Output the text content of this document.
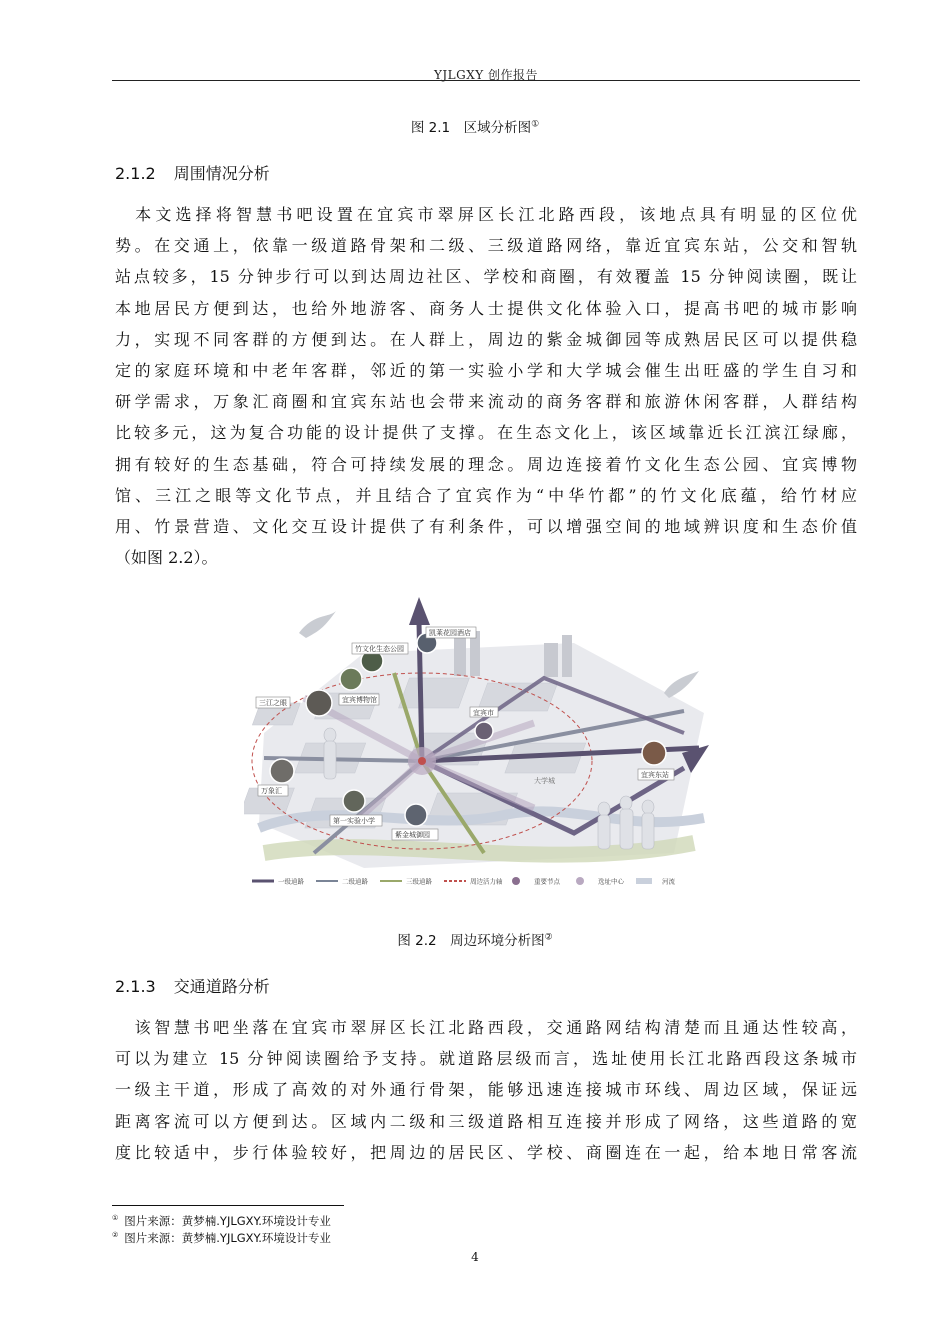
YJLGXY 创作报告
图 2.1　区域分析图①
2.1.2 周围情况分析
　本文选择将智慧书吧设置在宜宾市翠屏区长江北路西段，该地点具有明显的区位优
势。在交通上，依靠一级道路骨架和二级、三级道路网络，靠近宜宾东站，公交和智轨
站点较多，15 分钟步行可以到达周边社区、学校和商圈，有效覆盖 15 分钟阅读圈，既让
本地居民方便到达，也给外地游客、商务人士提供文化体验入口，提高书吧的城市影响
力，实现不同客群的方便到达。在人群上，周边的紫金城御园等成熟居民区可以提供稳
定的家庭环境和中老年客群，邻近的第一实验小学和大学城会催生出旺盛的学生自习和
研学需求，万象汇商圈和宜宾东站也会带来流动的商务客群和旅游休闲客群，人群结构
比较多元，这为复合功能的设计提供了支撑。在生态文化上，该区域靠近长江滨江绿廊，
拥有较好的生态基础，符合可持续发展的理念。周边连接着竹文化生态公园、宜宾博物
馆、三江之眼等文化节点，并且结合了宜宾作为“中华竹都”的竹文化底蕴，给竹材应
用、竹景营造、文化交互设计提供了有利条件，可以增强空间的地域辨识度和生态价值
（如图 2.2）。
竹文化生态公园
凯莱花园酒店
三江之眼	宜宾博物馆
宜宾市
万象汇
第一实验小学
紫金城御园
宜宾东站
大学城
一级道路	二级道路	三级道路	周边活力轴	重要节点	选址中心	河流
图 2.2　周边环境分析图②
2.1.3 交通道路分析
　该智慧书吧坐落在宜宾市翠屏区长江北路西段，交通路网结构清楚而且通达性较高，
可以为建立 15 分钟阅读圈给予支持。就道路层级而言，选址使用长江北路西段这条城市
一级主干道，形成了高效的对外通行骨架，能够迅速连接城市环线、周边区域，保证远
距离客流可以方便到达。区域内二级和三级道路相互连接并形成了网络，这些道路的宽
度比较适中，步行体验较好，把周边的居民区、学校、商圈连在一起，给本地日常客流
① 图片来源：黄梦楠.YJLGXY.环境设计专业
② 图片来源：黄梦楠.YJLGXY.环境设计专业
4
